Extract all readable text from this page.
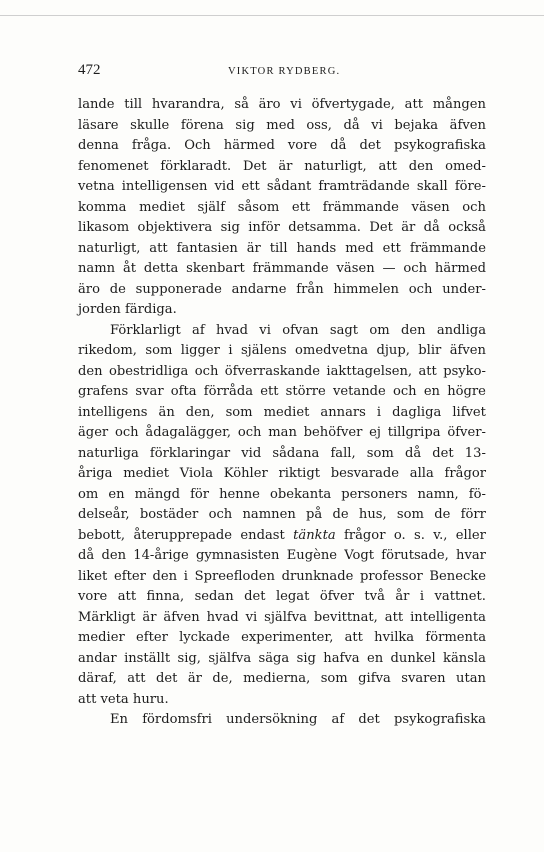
472	VIKTOR RYDBERG.
lande till hvarandra, så äro vi öfvertygade, att mången
läsare skulle förena sig med oss, då vi bejaka äfven
denna fråga. Och härmed vore då det psykografiska
fenomenet förklaradt. Det är naturligt, att den omed-
vetna intelligensen vid ett sådant framträdande skall före-
komma mediet själf såsom ett främmande väsen och
likasom objektivera sig inför detsamma. Det är då också
naturligt, att fantasien är till hands med ett främmande
namn åt detta skenbart främmande väsen — och härmed
äro de supponerade andarne från himmelen och under-
jorden färdiga.
Förklarligt af hvad vi ofvan sagt om den andliga
rikedom, som ligger i själens omedvetna djup, blir äfven
den obestridliga och öfverraskande iakttagelsen, att psyko-
grafens svar ofta förråda ett större vetande och en högre
intelligens än den, som mediet annars i dagliga lifvet
äger och ådagalägger, och man behöfver ej tillgripa öfver-
naturliga förklaringar vid sådana fall, som då det 13-
åriga mediet Viola Köhler riktigt besvarade alla frågor
om en mängd för henne obekanta personers namn, fö-
delseår, bostäder och namnen på de hus, som de förr
bebott, återupprepade endast tänkta frågor o. s. v., eller
då den 14-årige gymnasisten Eugène Vogt förutsade, hvar
liket efter den i Spreefloden drunknade professor Benecke
vore att finna, sedan det legat öfver två år i vattnet.
Märkligt är äfven hvad vi själfva bevittnat, att intelligenta
medier efter lyckade experimenter, att hvilka förmenta
andar inställt sig, själfva säga sig hafva en dunkel känsla
däraf, att det är de, medierna, som gifva svaren utan
att veta huru.
En fördomsfri undersökning af det psykografiska
